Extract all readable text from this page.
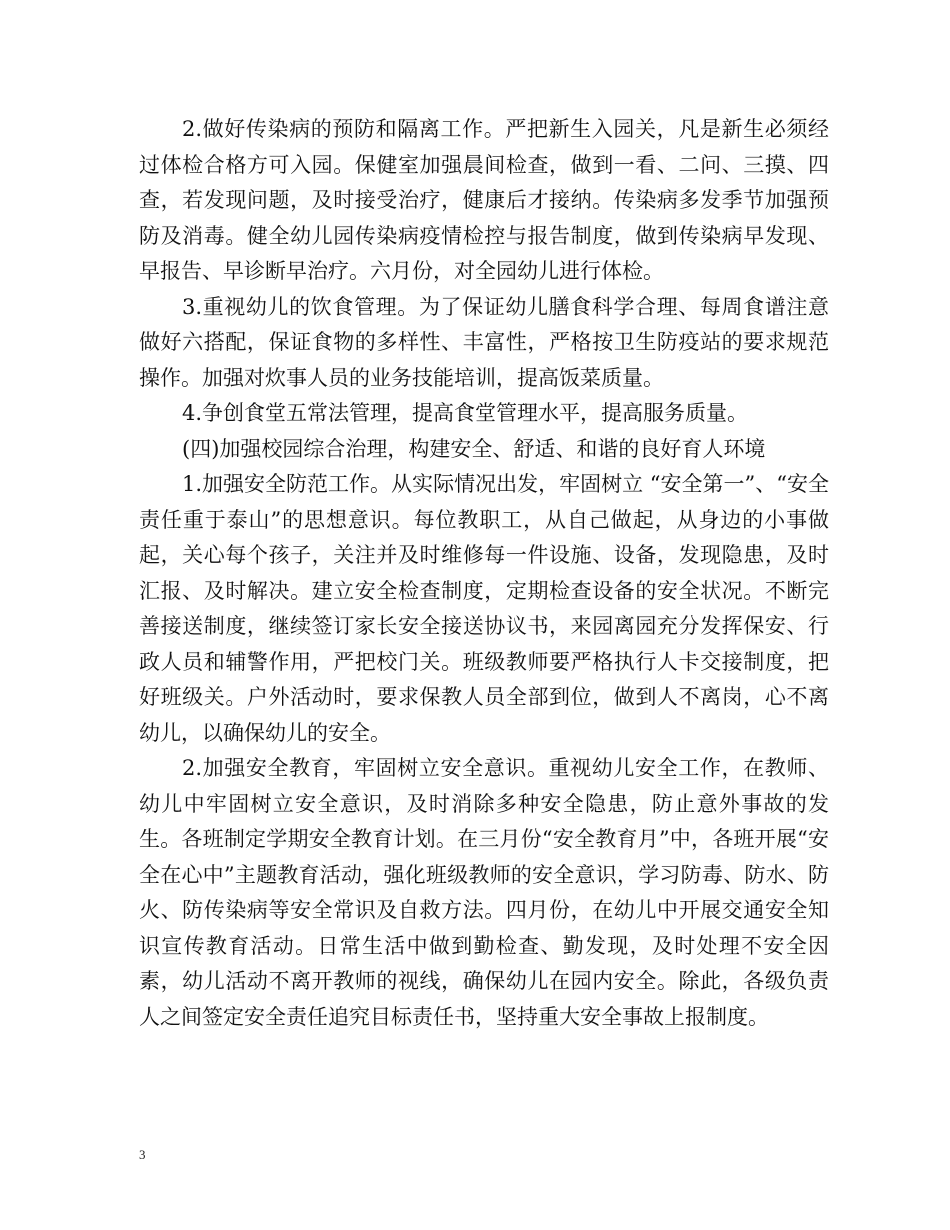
2.做好传染病的预防和隔离工作。严把新生入园关，凡是新生必须经过体检合格方可入园。保健室加强晨间检查，做到一看、二问、三摸、四查，若发现问题，及时接受治疗，健康后才接纳。传染病多发季节加强预防及消毒。健全幼儿园传染病疫情检控与报告制度，做到传染病早发现、早报告、早诊断早治疗。六月份，对全园幼儿进行体检。

3.重视幼儿的饮食管理。为了保证幼儿膳食科学合理、每周食谱注意做好六搭配，保证食物的多样性、丰富性，严格按卫生防疫站的要求规范操作。加强对炊事人员的业务技能培训，提高饭菜质量。

4.争创食堂五常法管理，提高食堂管理水平，提高服务质量。

(四)加强校园综合治理，构建安全、舒适、和谐的良好育人环境

1.加强安全防范工作。从实际情况出发，牢固树立 “安全第一”、“安全责任重于泰山”的思想意识。每位教职工，从自己做起，从身边的小事做起，关心每个孩子，关注并及时维修每一件设施、设备，发现隐患，及时汇报、及时解决。建立安全检查制度，定期检查设备的安全状况。不断完善接送制度，继续签订家长安全接送协议书，来园离园充分发挥保安、行政人员和辅警作用，严把校门关。班级教师要严格执行人卡交接制度，把好班级关。户外活动时，要求保教人员全部到位，做到人不离岗，心不离幼儿，以确保幼儿的安全。

2.加强安全教育，牢固树立安全意识。重视幼儿安全工作，在教师、幼儿中牢固树立安全意识，及时消除多种安全隐患，防止意外事故的发生。各班制定学期安全教育计划。在三月份“安全教育月”中，各班开展“安全在心中”主题教育活动，强化班级教师的安全意识，学习防毒、防水、防火、防传染病等安全常识及自救方法。四月份，在幼儿中开展交通安全知识宣传教育活动。日常生活中做到勤检查、勤发现，及时处理不安全因素，幼儿活动不离开教师的视线，确保幼儿在园内安全。除此，各级负责人之间签定安全责任追究目标责任书，坚持重大安全事故上报制度。

3
